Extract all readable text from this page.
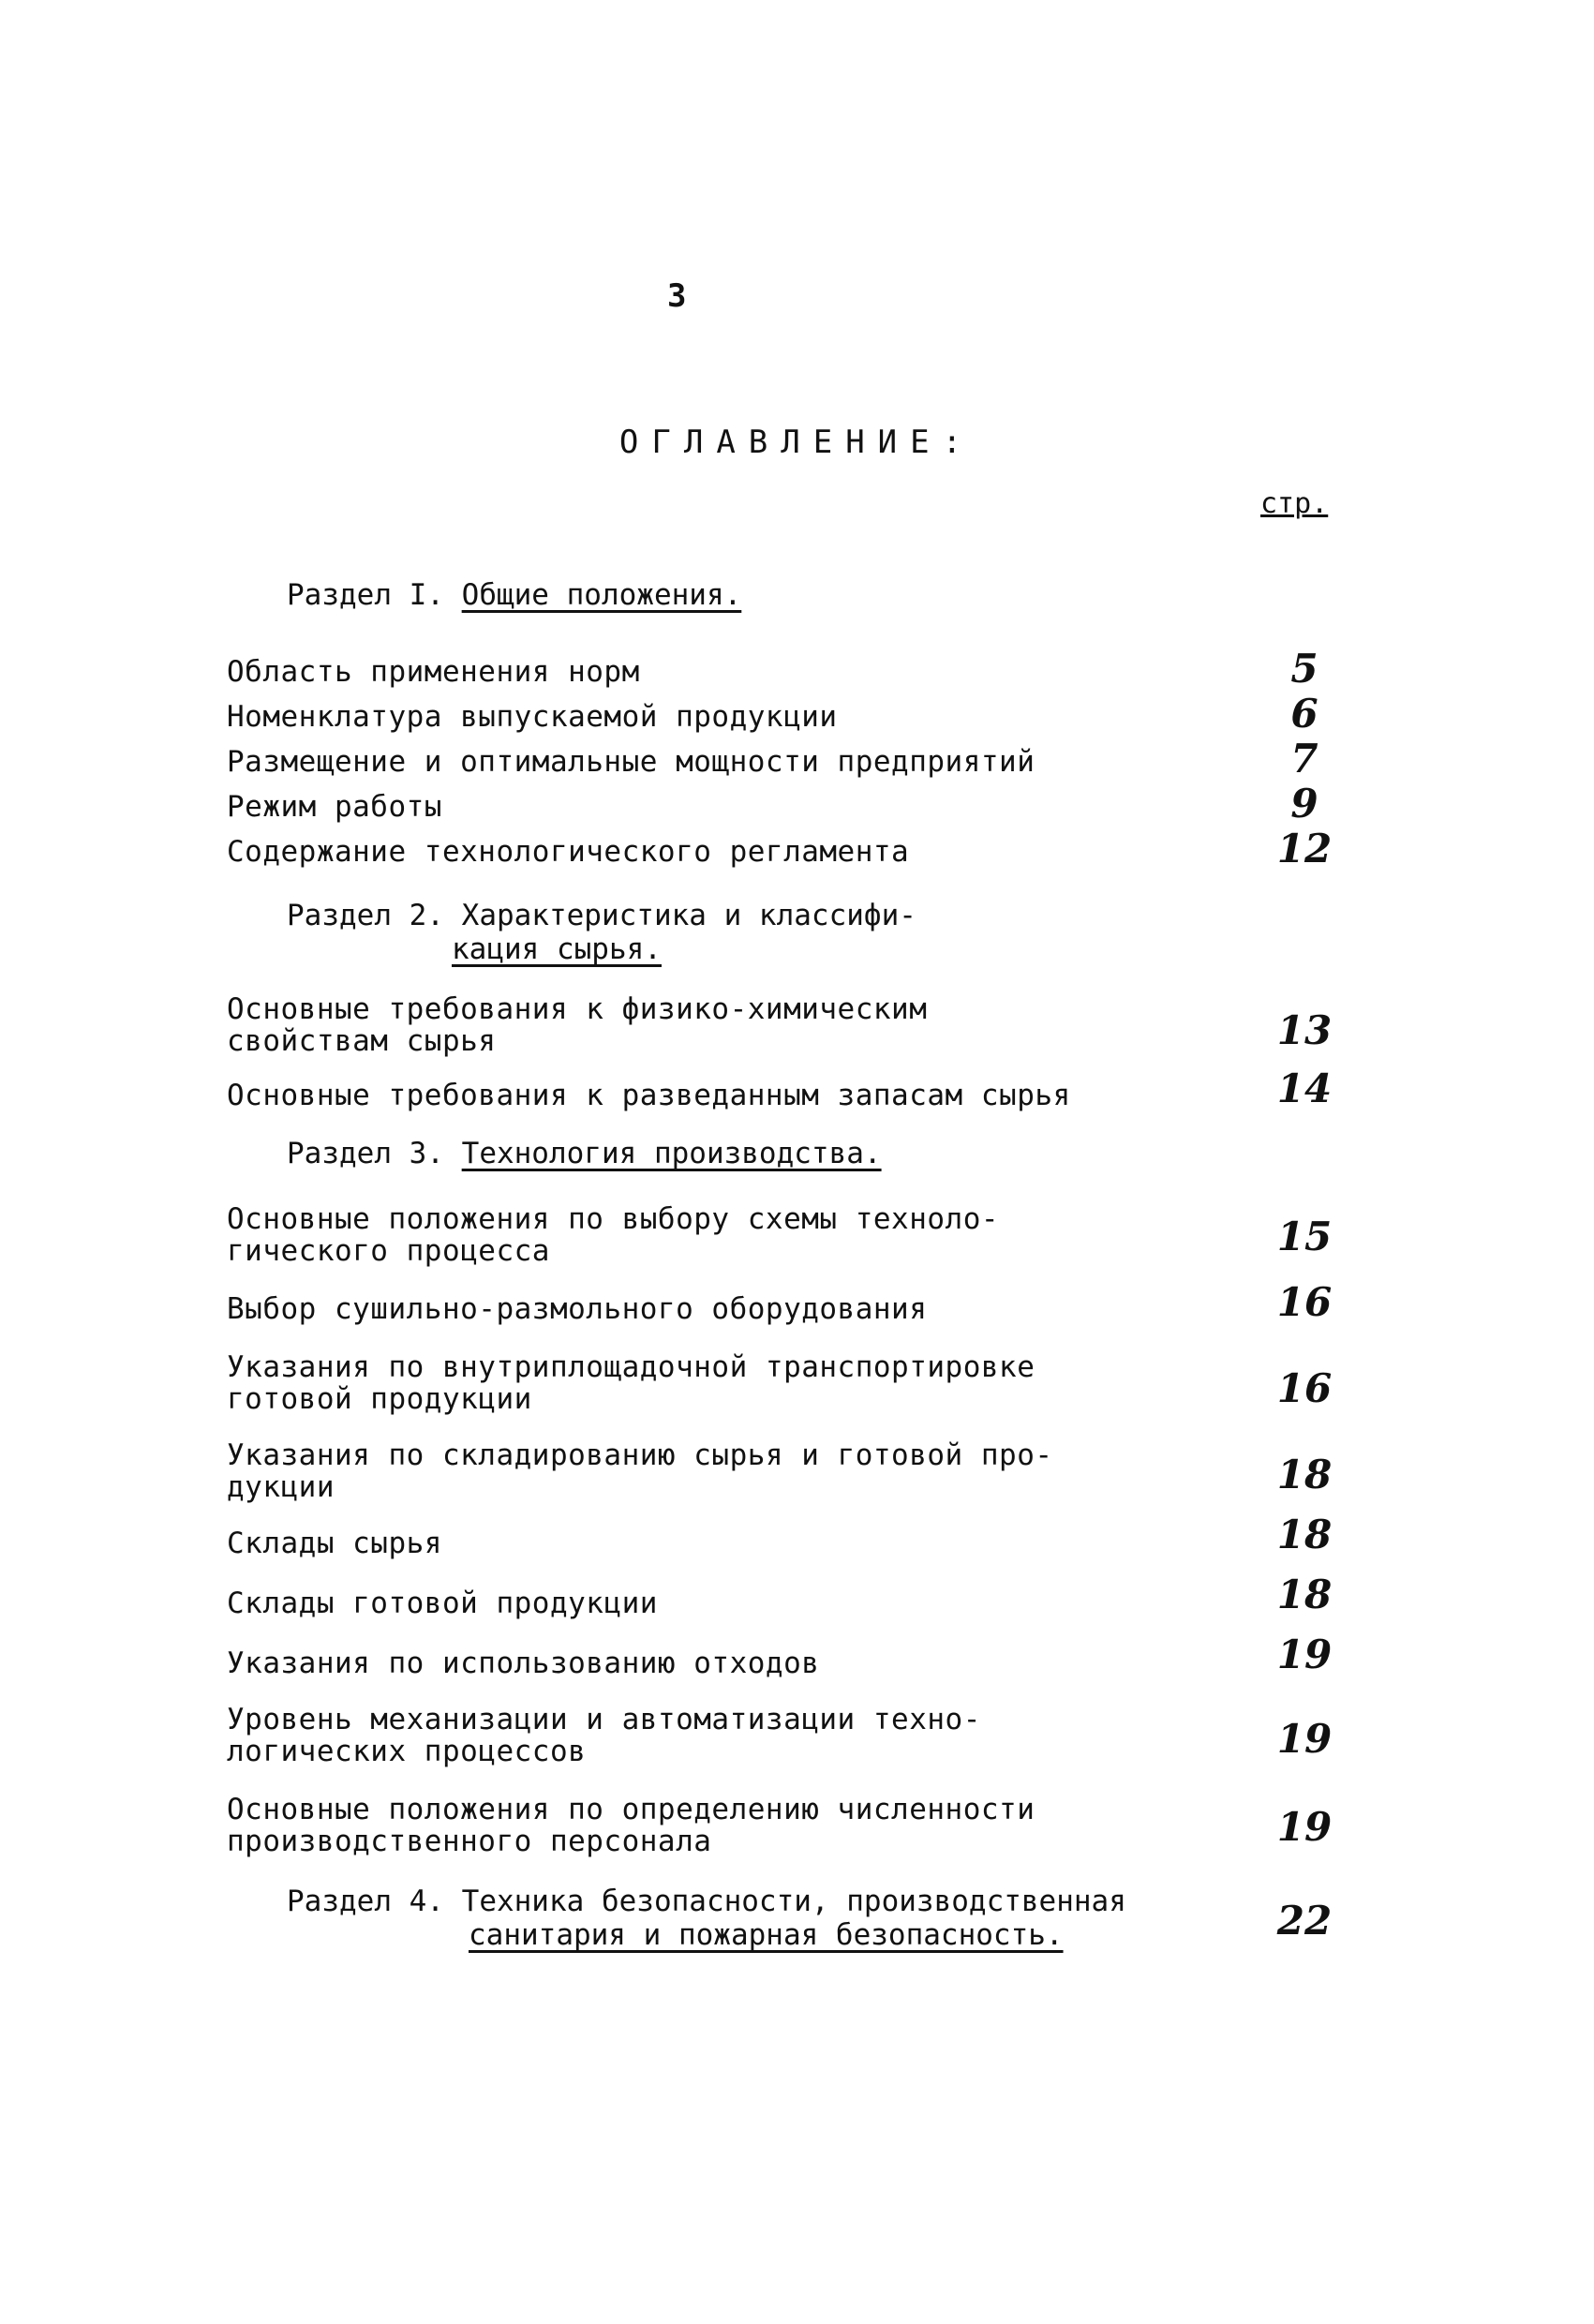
3
ОГЛАВЛЕНИЕ:
стр.
Раздел I. Общие положения.
Область применения норм	5
Номенклатура выпускаемой продукции	6
Размещение и оптимальные мощности предприятий	7
Режим работы	9
Содержание технологического регламента	12
Раздел 2. Характеристика и классифи-
кация сырья.
Основные требования к физико-химическим
свойствам сырья	13
Основные требования к разведанным запасам сырья	14
Раздел 3. Технология производства.
Основные положения по выбору схемы техноло-
гического процесса	15
Выбор сушильно-размольного оборудования	16
Указания по внутриплощадочной транспортировке
готовой продукции	16
Указания по складированию сырья и готовой про-
дукции	18
Склады сырья	18
Склады готовой продукции	18
Указания по использованию отходов	19
Уровень механизации и автоматизации техно-
логических процессов	19
Основные положения по определению численности
производственного персонала	19
Раздел 4. Техника безопасности, производственная
санитария и пожарная безопасность.	22
